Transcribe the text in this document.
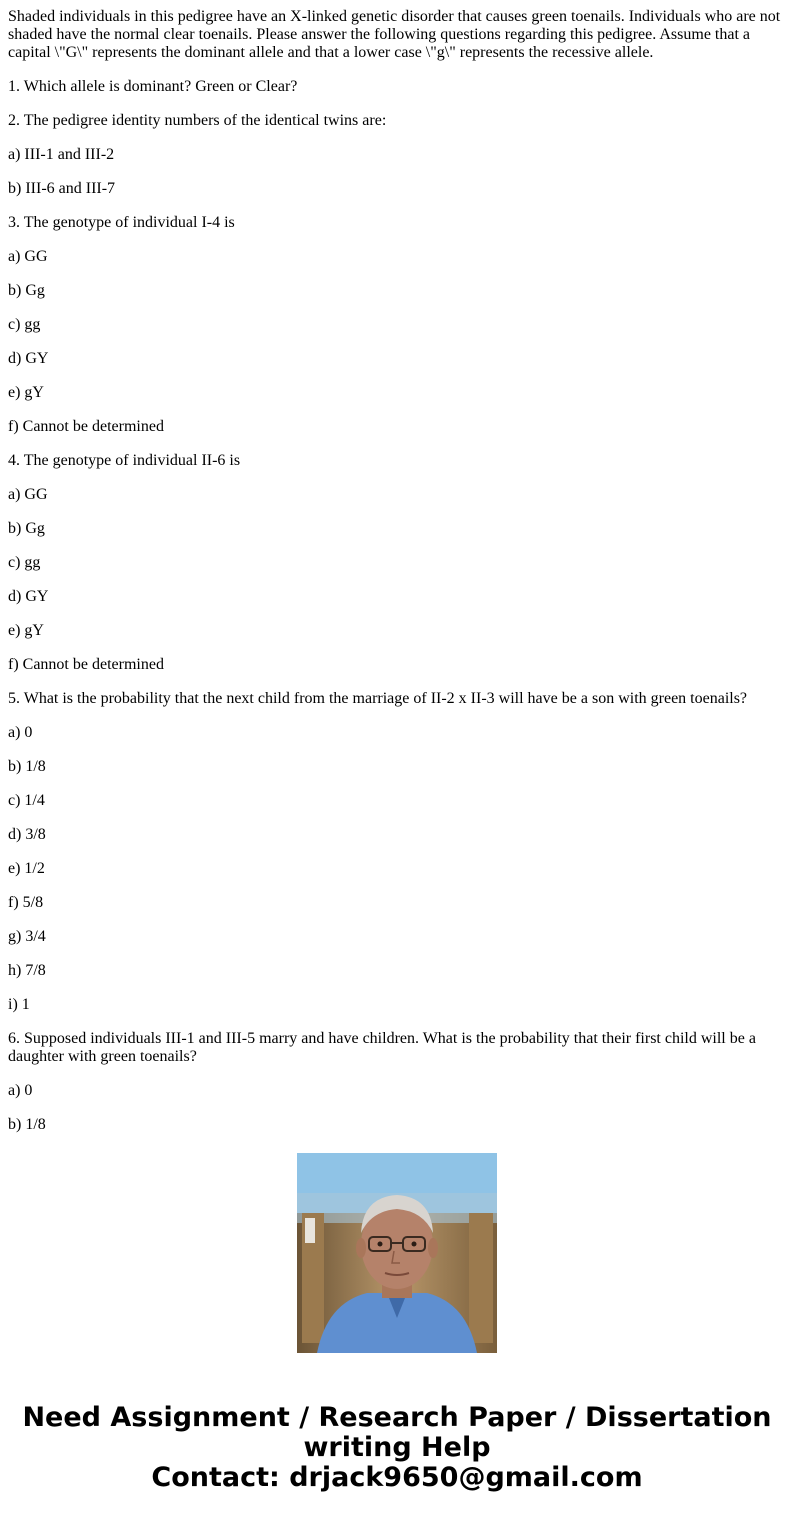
Shaded individuals in this pedigree have an X-linked genetic disorder that causes green toenails. Individuals who are not shaded have the normal clear toenails. Please answer the following questions regarding this pedigree. Assume that a capital \"G\" represents the dominant allele and that a lower case \"g\" represents the recessive allele.

1. Which allele is dominant? Green or Clear?

2. The pedigree identity numbers of the identical twins are:

a) III-1 and III-2

b) III-6 and III-7

3. The genotype of individual I-4 is

a) GG

b) Gg

c) gg

d) GY

e) gY

f) Cannot be determined

4. The genotype of individual II-6 is

a) GG

b) Gg

c) gg

d) GY

e) gY

f) Cannot be determined

5. What is the probability that the next child from the marriage of II-2 x II-3 will have be a son with green toenails?

a) 0

b) 1/8

c) 1/4

d) 3/8

e) 1/2

f) 5/8

g) 3/4

h) 7/8

i) 1

6. Supposed individuals III-1 and III-5 marry and have children. What is the probability that their first child will be a daughter with green toenails?

a) 0

b) 1/8

Need Assignment / Research Paper / Dissertation
writing Help
Contact: drjack9650@gmail.com
